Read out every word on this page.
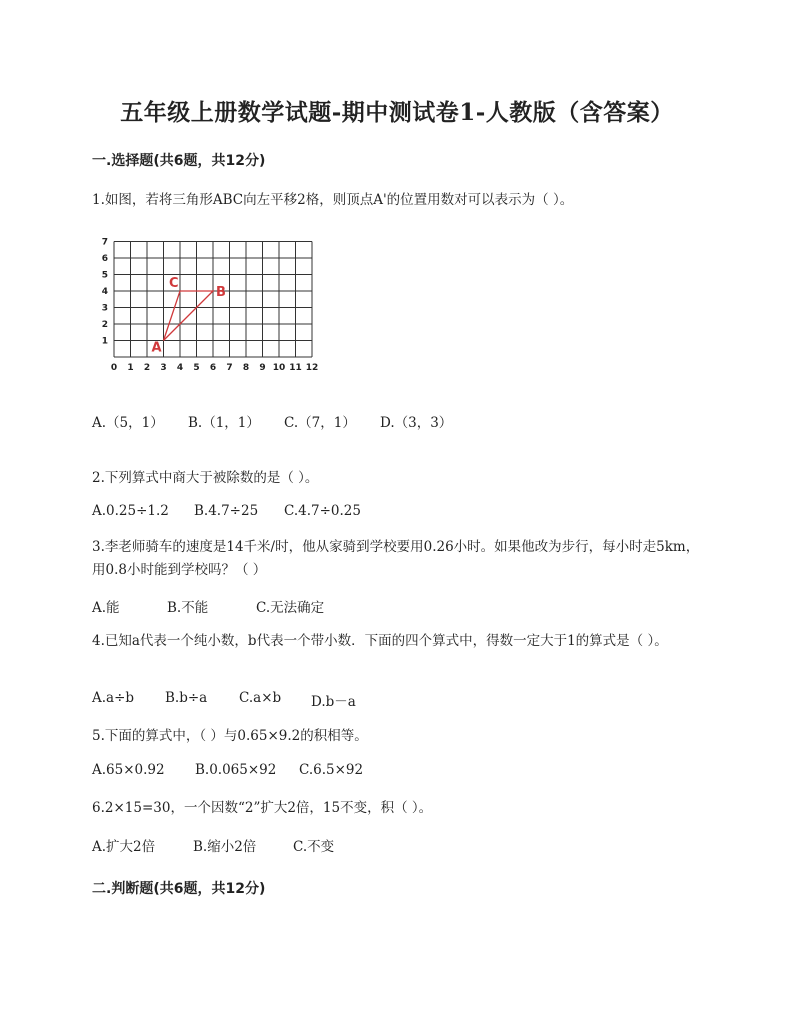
五年级上册数学试题-期中测试卷1-人教版（含答案）
一.选择题(共6题，共12分)
1.如图，若将三角形ABC向左平移2格，则顶点A'的位置用数对可以表示为（ ）。
0 1 2 3 4 5 6 7 8 9 10 11 12
1
2
3
4
5
6
7
A
B
C
A.（5，1）	B.（1，1）	C.（7，1）	D.（3，3）
2.下列算式中商大于被除数的是（ ）。
A.0.25÷1.2	B.4.7÷25	C.4.7÷0.25
3.李老师骑车的速度是14千米/时，他从家骑到学校要用0.26小时。如果他改为步行，每小时走5km，用0.8小时能到学校吗？（ ）
A.能	B.不能	C.无法确定
4.已知a代表一个纯小数，b代表一个带小数．下面的四个算式中，得数一定大于1的算式是（ ）。
A.a÷b	B.b÷a	C.a×b	D.b－a
5.下面的算式中，（ ）与0.65×9.2的积相等。
A.65×0.92	B.0.065×92	C.6.5×92
6.2×15=30，一个因数“2”扩大2倍，15不变，积（ ）。
A.扩大2倍	B.缩小2倍	C.不变
二.判断题(共6题，共12分)
